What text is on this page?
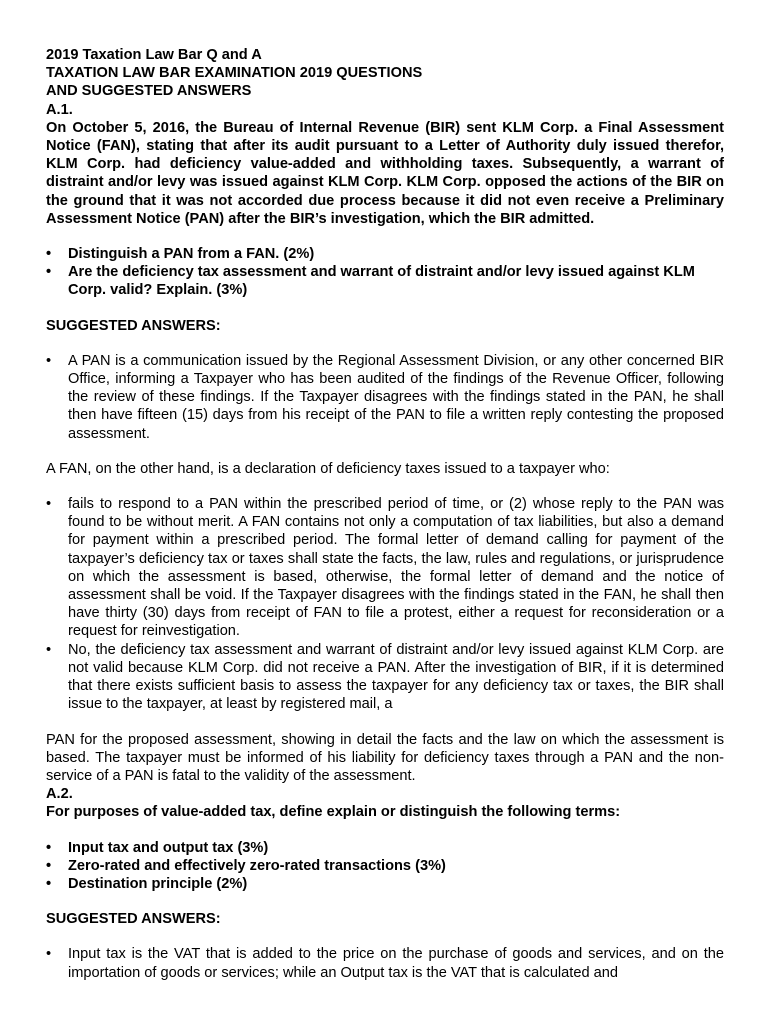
2019 Taxation Law Bar Q and A
TAXATION LAW BAR EXAMINATION 2019 QUESTIONS
AND SUGGESTED ANSWERS
A.1.

On October 5, 2016, the Bureau of Internal Revenue (BIR) sent KLM Corp. a Final Assessment Notice (FAN), stating that after its audit pursuant to a Letter of Authority duly issued therefor, KLM Corp. had deficiency value-added and withholding taxes. Subsequently, a warrant of distraint and/or levy was issued against KLM Corp. KLM Corp. opposed the actions of the BIR on the ground that it was not accorded due process because it did not even receive a Preliminary Assessment Notice (PAN) after the BIR’s investigation, which the BIR admitted.

•	Distinguish a PAN from a FAN. (2%)
•	Are the deficiency tax assessment and warrant of distraint and/or levy issued against KLM Corp. valid? Explain. (3%)
SUGGESTED ANSWERS:
•	A PAN is a communication issued by the Regional Assessment Division, or any other concerned BIR Office, informing a Taxpayer who has been audited of the findings of the Revenue Officer, following the review of these findings. If the Taxpayer disagrees with the findings stated in the PAN, he shall then have fifteen (15) days from his receipt of the PAN to file a written reply contesting the proposed assessment.

A FAN, on the other hand, is a declaration of deficiency taxes issued to a taxpayer who:

•	fails to respond to a PAN within the prescribed period of time, or (2) whose reply to the PAN was found to be without merit. A FAN contains not only a computation of tax liabilities, but also a demand for payment within a prescribed period. The formal letter of demand calling for payment of the taxpayer’s deficiency tax or taxes shall state the facts, the law, rules and regulations, or jurisprudence on which the assessment is based, otherwise, the formal letter of demand and the notice of assessment shall be void. If the Taxpayer disagrees with the findings stated in the FAN, he shall then have thirty (30) days from receipt of FAN to file a protest, either a request for reconsideration or a request for reinvestigation.
•	No, the deficiency tax assessment and warrant of distraint and/or levy issued against KLM Corp. are not valid because KLM Corp. did not receive a PAN. After the investigation of BIR, if it is determined that there exists sufficient basis to assess the taxpayer for any deficiency tax or taxes, the BIR shall issue to the taxpayer, at least by registered mail, a

PAN for the proposed assessment, showing in detail the facts and the law on which the assessment is based. The taxpayer must be informed of his liability for deficiency taxes through a PAN and the non-service of a PAN is fatal to the validity of the assessment.

A.2.

For purposes of value-added tax, define explain or distinguish the following terms:

•	Input tax and output tax (3%)
•	Zero-rated and effectively zero-rated transactions (3%)
•	Destination principle (2%)
SUGGESTED ANSWERS:
•	Input tax is the VAT that is added to the price on the purchase of goods and services, and on the importation of goods or services; while an Output tax is the VAT that is calculated and
